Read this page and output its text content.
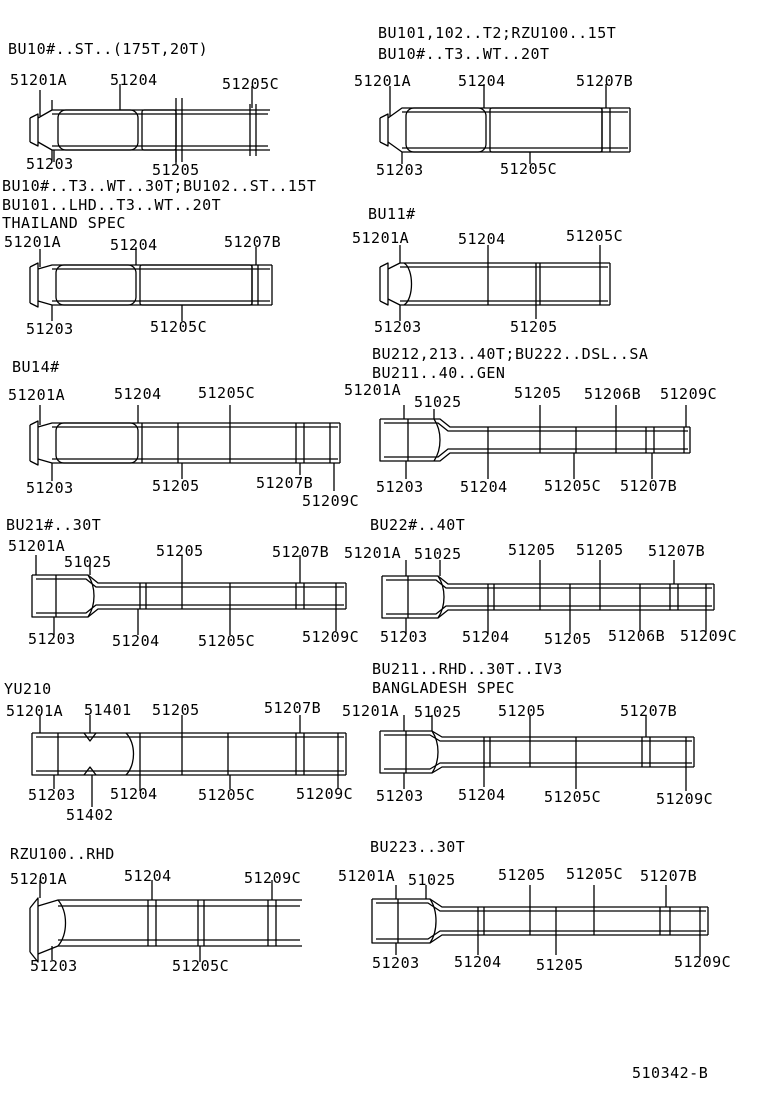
BU10#..ST..(175T,20T)
51201A	51204	51205C
51203	51205
BU101,102..T2;RZU100..15T
BU10#..T3..WT..20T
51201A	51204	51207B
51203	51205C
BU10#..T3..WT..30T;BU102..ST..15T
BU101..LHD..T3..WT..20T
THAILAND SPEC
51201A	51204	51207B
51203	51205C
BU11#
51201A	51204	51205C
51203	51205
BU14#
51201A	51204 51205C
51203	51205	51207B
51209C
BU212,213..40T;BU222..DSL..SA
BU211..40..GEN
51201A
51025	51205 51206B 51209C
51203 51204 51205C 51207B
BU21#..30T
51201A
51025
51205	51207B
51203 51204	51205C	51209C
BU22#..40T
51201A 51025	51205 51205 51207B
51203 51204 51205 51206B 51209C
YU210
51201A 51401 51205	51207B
51203 51204	51205C	51209C
51402
BU211..RHD..30T..IV3
BANGLADESH SPEC
51201A 51025 51205	51207B
51203 51204	51205C	51209C
RZU100..RHD
51201A	51204	51209C
51203	51205C
BU223..30T
51201A 51025	51205 51205C 51207B
51203 51204 51205	51209C
510342-B
